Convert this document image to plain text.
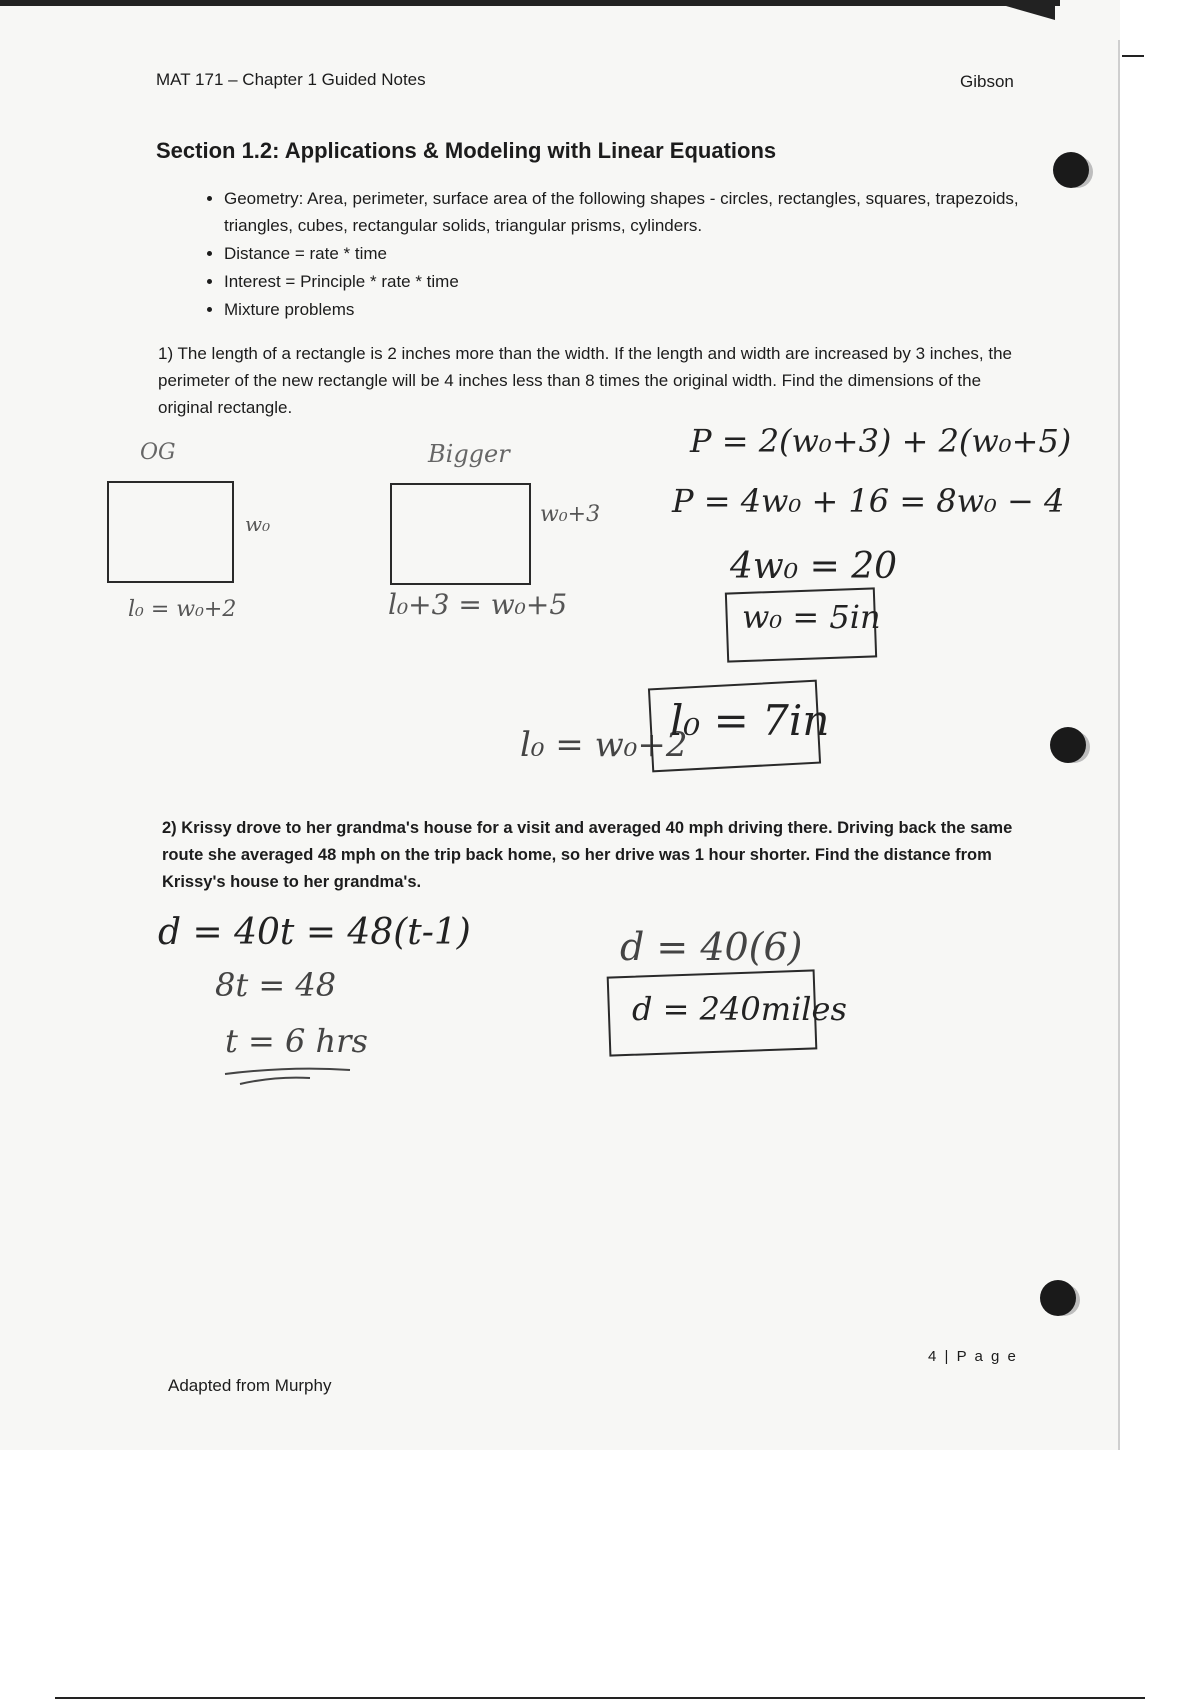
MAT 171 – Chapter 1 Guided Notes	Gibson
Section 1.2: Applications & Modeling with Linear Equations
• Geometry: Area, perimeter, surface area of the following shapes - circles, rectangles, squares, trapezoids, triangles, cubes, rectangular solids, triangular prisms, cylinders.
• Distance = rate * time
• Interest = Principle * rate * time
• Mixture problems
1) The length of a rectangle is 2 inches more than the width. If the length and width are increased by 3 inches, the perimeter of the new rectangle will be 4 inches less than 8 times the original width. Find the dimensions of the original rectangle.
OG
w₀
l₀ = w₀+2
Bigger
w₀+3
l₀+3 = w₀+5
P = 2(w₀+3) + 2(w₀+5)
P = 4w₀ + 16 = 8w₀ − 4
4w₀ = 20
w₀ = 5in
l₀ = w₀+2
l₀ = 7in
2) Krissy drove to her grandma's house for a visit and averaged 40 mph driving there. Driving back the same route she averaged 48 mph on the trip back home, so her drive was 1 hour shorter. Find the distance from Krissy's house to her grandma's.
d = 40t = 48(t-1)
8t = 48
t = 6 hrs
d = 40(6)
d = 240miles
4 | P a g e
Adapted from Murphy
